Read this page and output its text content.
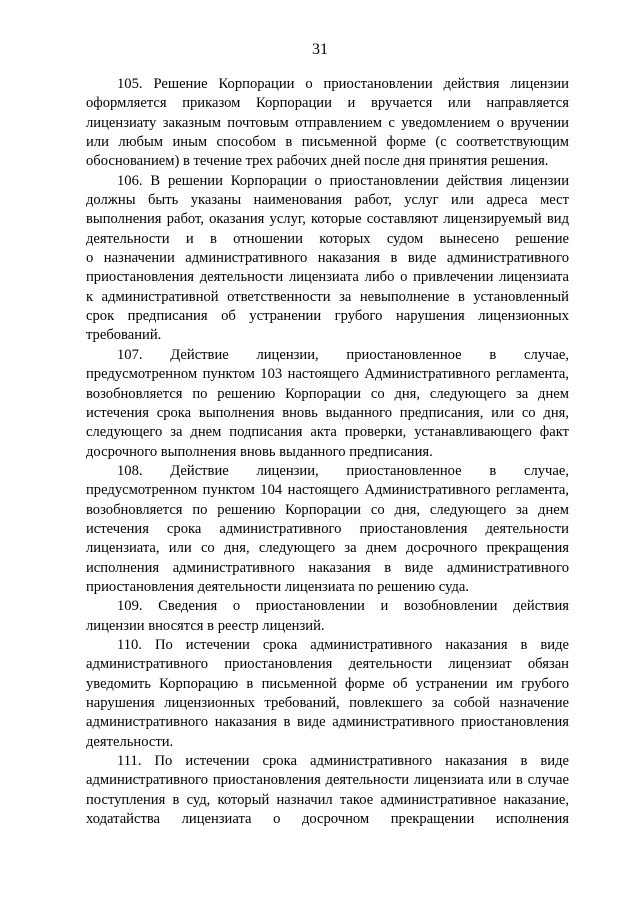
31
105. Решение Корпорации о приостановлении действия лицензии
оформляется приказом Корпорации и вручается или направляется
лицензиату заказным почтовым отправлением с уведомлением о вручении
или любым иным способом в письменной форме (с соответствующим
обоснованием) в течение трех рабочих дней после дня принятия решения.
106. В решении Корпорации о приостановлении действия лицензии
должны быть указаны наименования работ, услуг или адреса мест
выполнения работ, оказания услуг, которые составляют лицензируемый вид
деятельности и в отношении которых судом вынесено решение
о назначении административного наказания в виде административного
приостановления деятельности лицензиата либо о привлечении лицензиата
к административной ответственности за невыполнение в установленный
срок предписания об устранении грубого нарушения лицензионных
требований.
107. Действие лицензии, приостановленное в случае,
предусмотренном пунктом 103 настоящего Административного регламента,
возобновляется по решению Корпорации со дня, следующего за днем
истечения срока выполнения вновь выданного предписания, или со дня,
следующего за днем подписания акта проверки, устанавливающего факт
досрочного выполнения вновь выданного предписания.
108. Действие лицензии, приостановленное в случае,
предусмотренном пунктом 104 настоящего Административного регламента,
возобновляется по решению Корпорации со дня, следующего за днем
истечения срока административного приостановления деятельности
лицензиата, или со дня, следующего за днем досрочного прекращения
исполнения административного наказания в виде административного
приостановления деятельности лицензиата по решению суда.
109. Сведения о приостановлении и возобновлении действия
лицензии вносятся в реестр лицензий.
110. По истечении срока административного наказания в виде
административного приостановления деятельности лицензиат обязан
уведомить Корпорацию в письменной форме об устранении им грубого
нарушения лицензионных требований, повлекшего за собой назначение
административного наказания в виде административного приостановления
деятельности.
111. По истечении срока административного наказания в виде
административного приостановления деятельности лицензиата или в случае
поступления в суд, который назначил такое административное наказание,
ходатайства лицензиата о досрочном прекращении исполнения
